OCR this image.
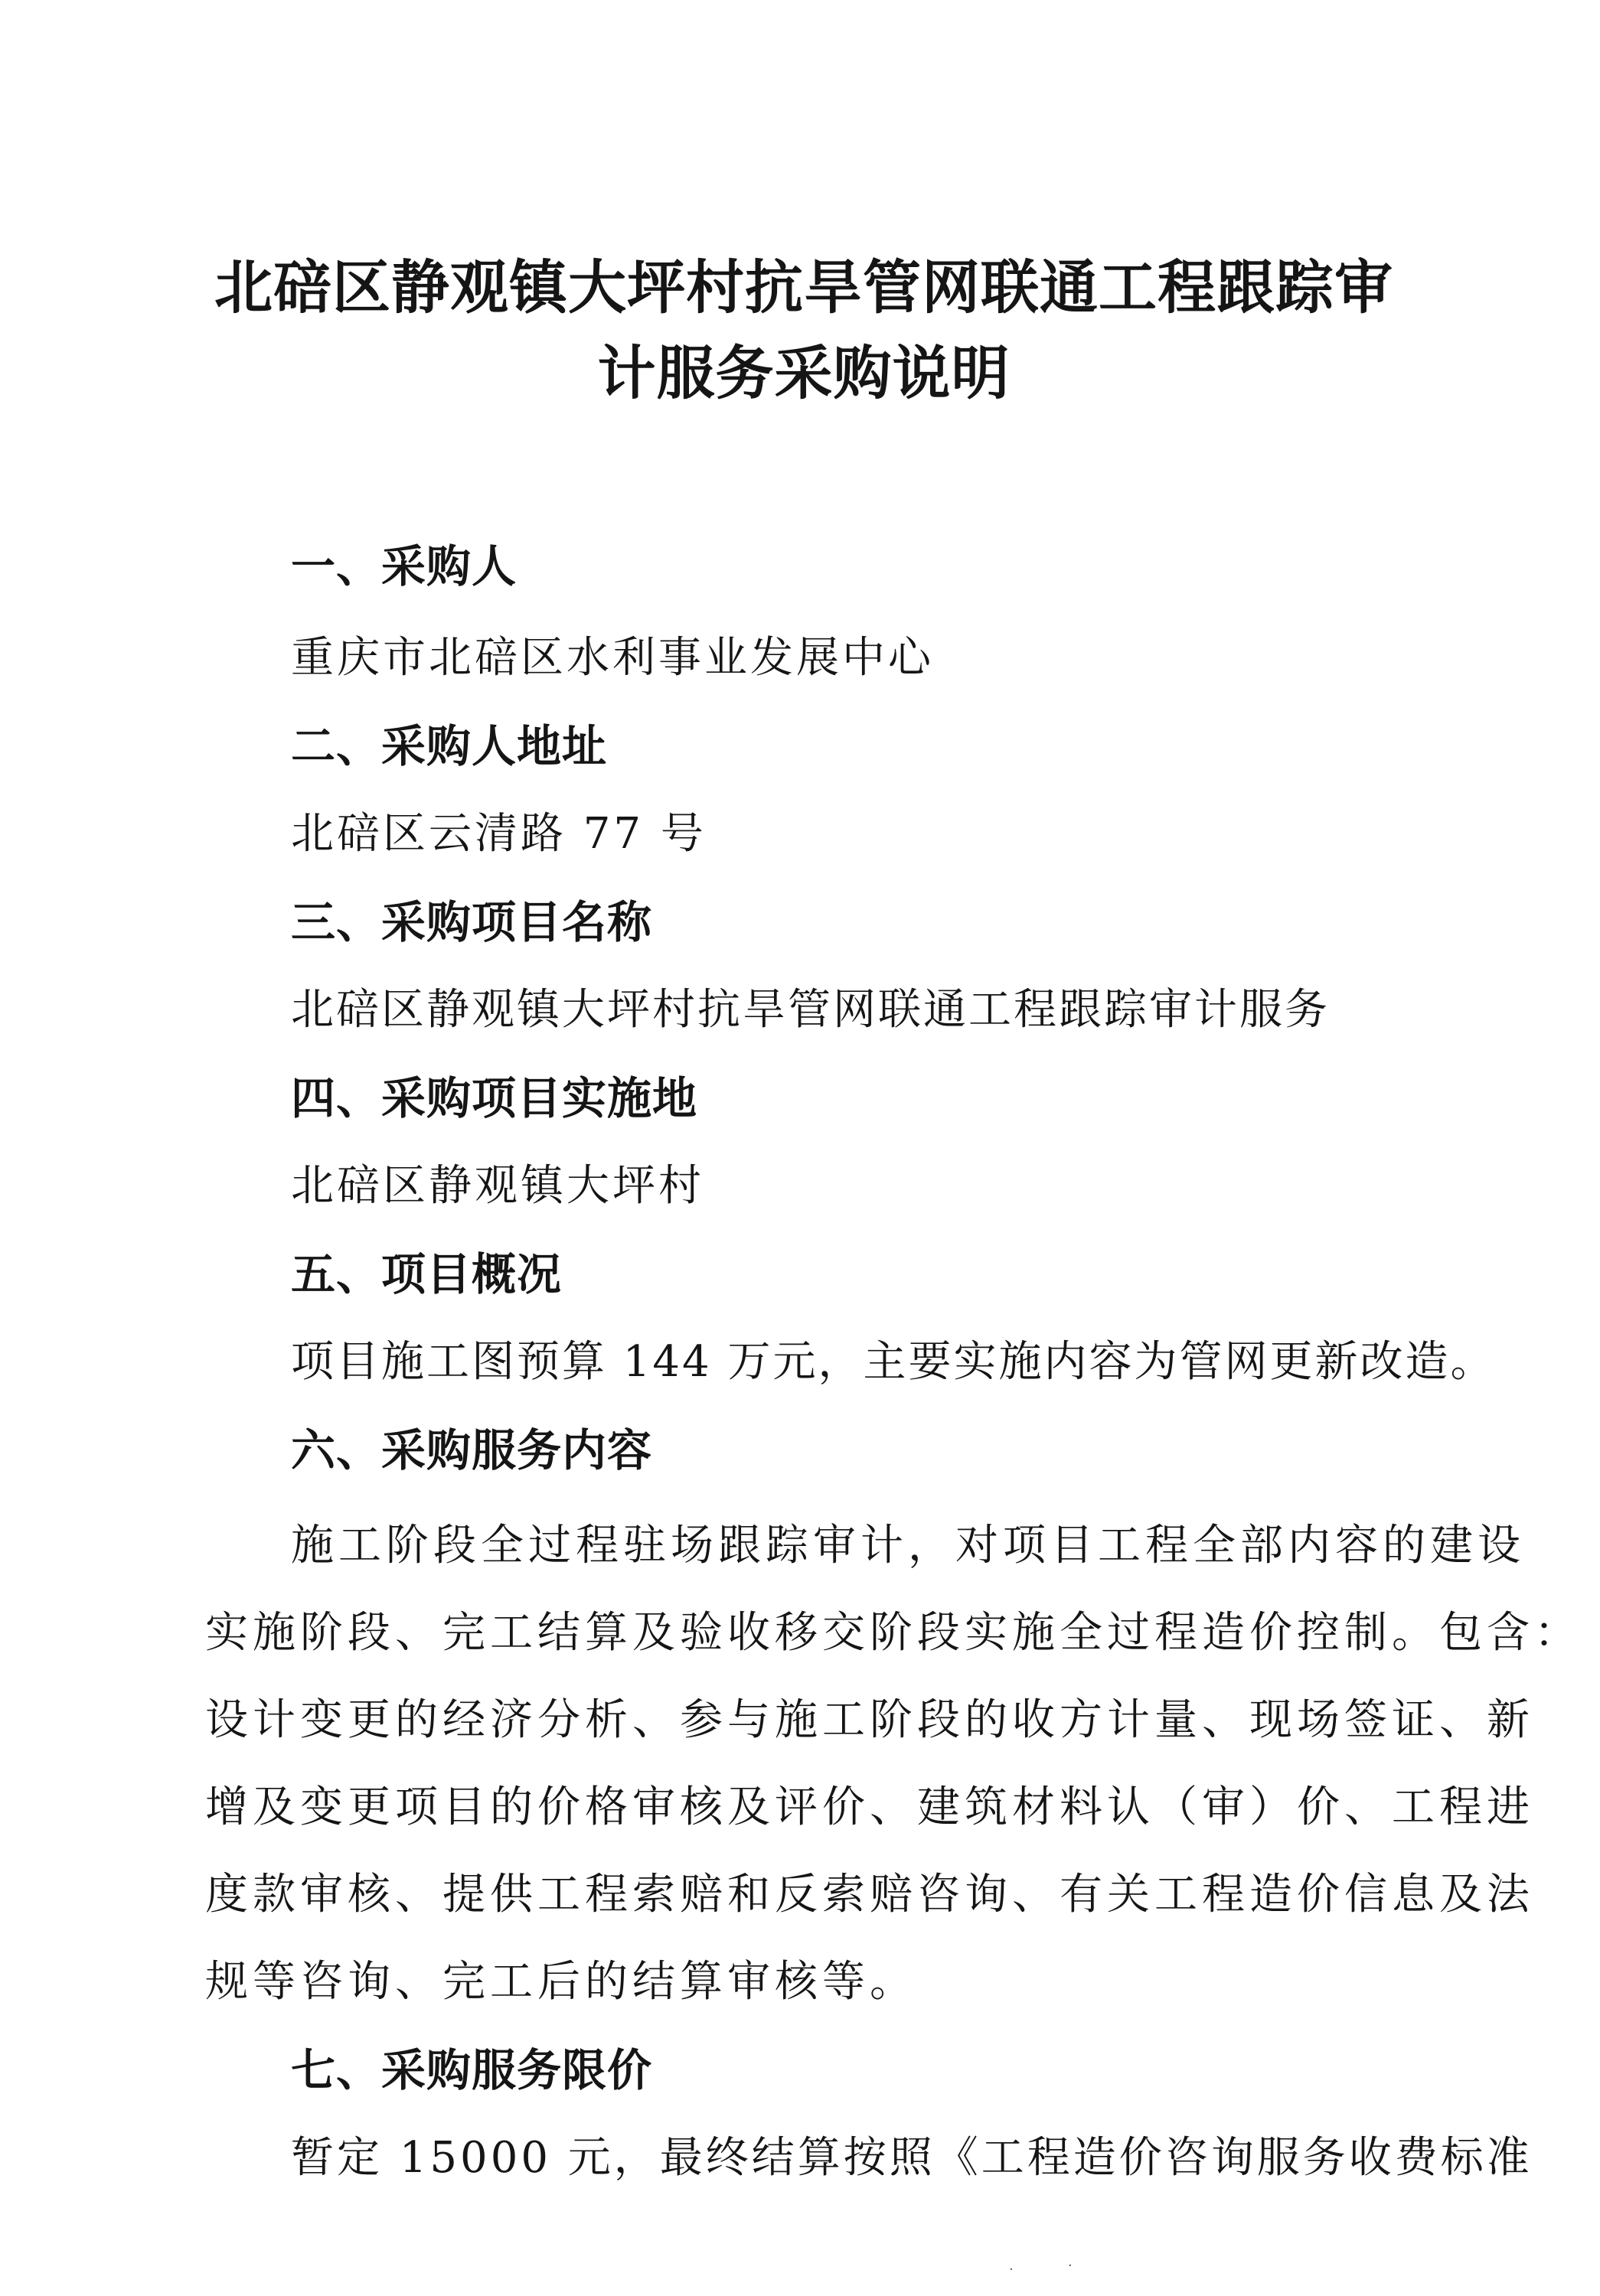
北碚区静观镇大坪村抗旱管网联通工程跟踪审
计服务采购说明
一、采购人
重庆市北碚区水利事业发展中心
二、采购人地址
北碚区云清路 77 号
三、采购项目名称
北碚区静观镇大坪村抗旱管网联通工程跟踪审计服务
四、采购项目实施地
北碚区静观镇大坪村
五、项目概况
项目施工图预算 144 万元，主要实施内容为管网更新改造。
六、采购服务内容
施工阶段全过程驻场跟踪审计，对项目工程全部内容的建设
实施阶段、完工结算及验收移交阶段实施全过程造价控制。包含：
设计变更的经济分析、参与施工阶段的收方计量、现场签证、新
增及变更项目的价格审核及评价、建筑材料认（审）价、工程进
度款审核、提供工程索赔和反索赔咨询、有关工程造价信息及法
规等咨询、完工后的结算审核等。
七、采购服务限价
暂定 15000 元，最终结算按照《工程造价咨询服务收费标准
·	·
